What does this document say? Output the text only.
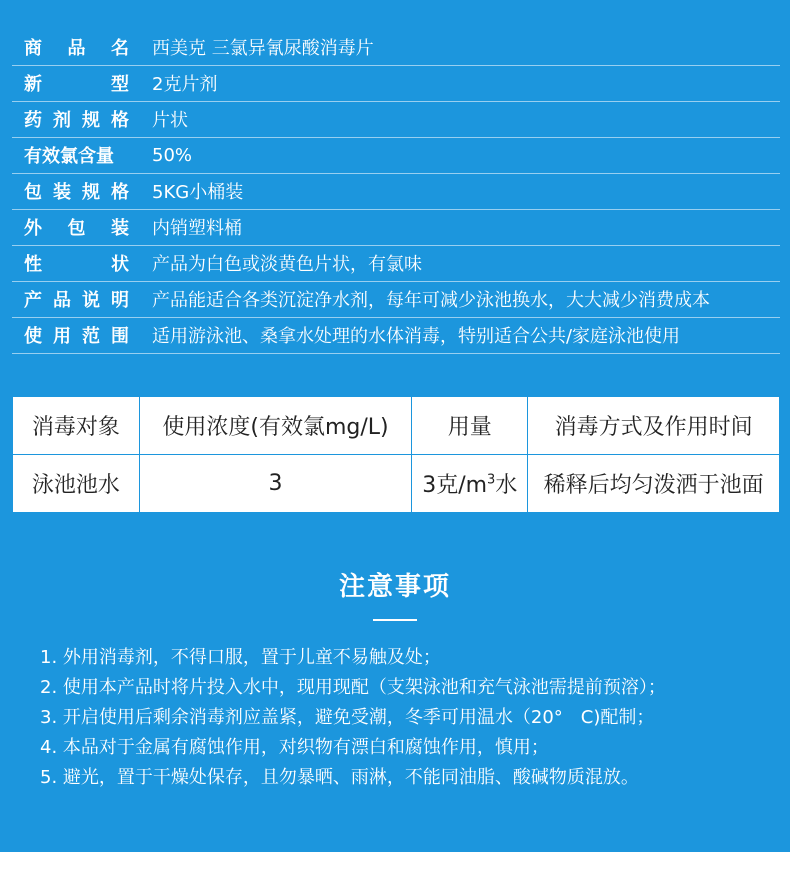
商 品 名	西美克 三氯异氰尿酸消毒片

新 型	2克片剂

药 剂 规 格	片状

有效氯含量	50%

包 装 规 格	5KG小桶装

外 包 装	内销塑料桶

性 状	产品为白色或淡黄色片状，有氯味

产 品 说 明	产品能适合各类沉淀净水剂，每年可减少泳池换水，大大减少消费成本

使 用 范 围	适用游泳池、桑拿水处理的水体消毒，特别适合公共/家庭泳池使用
消毒对象	使用浓度(有效氯mg/L)	用量	消毒方式及作用时间
泳池池水	3	3克$/m^3$水	稀释后均匀泼洒于池面
注意事项
1. 外用消毒剂，不得口服，置于儿童不易触及处；
2. 使用本产品时将片投入水中，现用现配（支架泳池和充气泳池需提前预溶）；
3. 开启使用后剩余消毒剂应盖紧，避免受潮，冬季可用温水（20°　C)配制；
4. 本品对于金属有腐蚀作用，对织物有漂白和腐蚀作用，慎用；
5. 避光，置于干燥处保存，且勿暴晒、雨淋，不能同油脂、酸碱物质混放。
